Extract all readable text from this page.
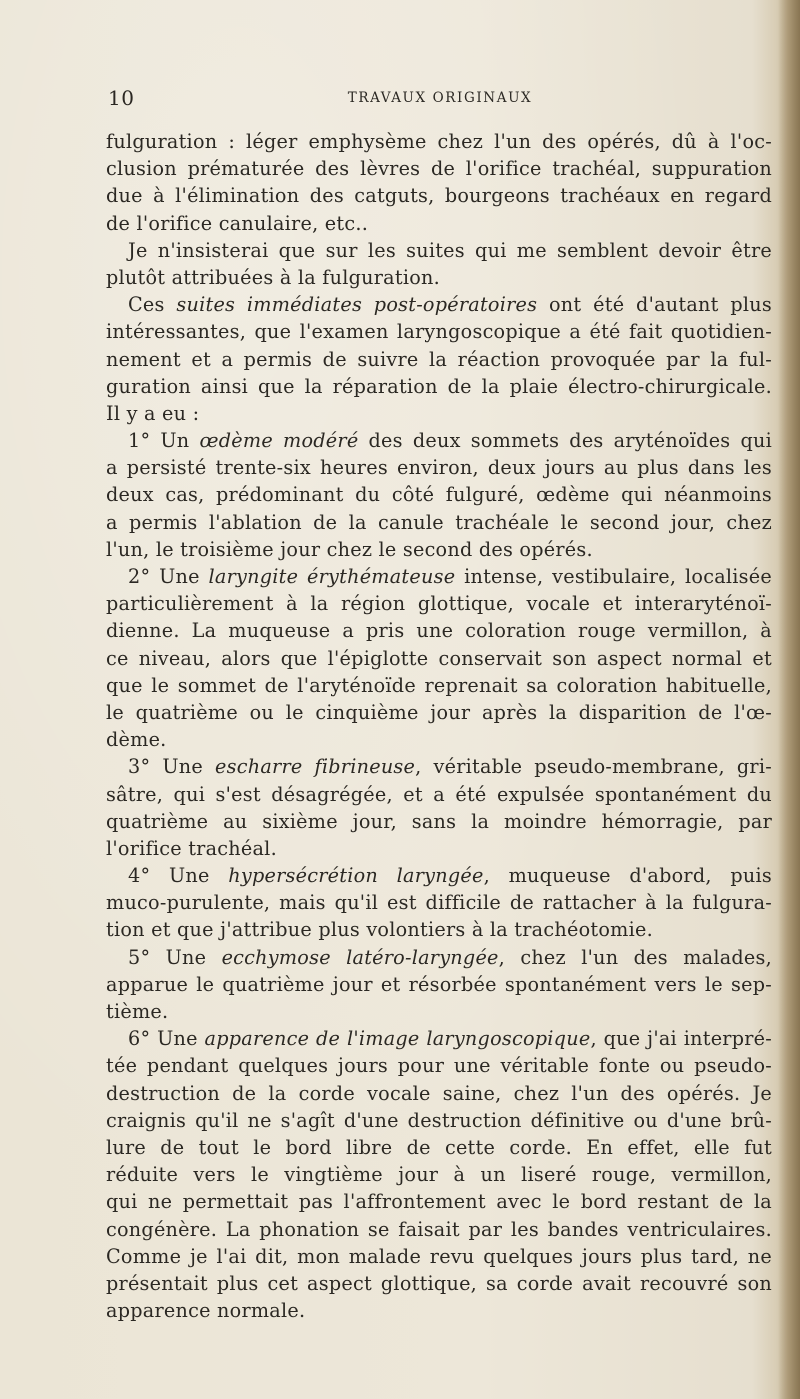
10	TRAVAUX ORIGINAUX
fulguration : léger emphysème chez l'un des opérés, dû à l'oc-
clusion prématurée des lèvres de l'orifice trachéal, suppuration
due à l'élimination des catguts, bourgeons trachéaux en regard
de l'orifice canulaire, etc..
Je n'insisterai que sur les suites qui me semblent devoir être
plutôt attribuées à la fulguration.
Ces suites immédiates post-opératoires ont été d'autant plus
intéressantes, que l'examen laryngoscopique a été fait quotidien-
nement et a permis de suivre la réaction provoquée par la ful-
guration ainsi que la réparation de la plaie électro-chirurgicale.
Il y a eu :
1° Un œdème modéré des deux sommets des aryténoïdes qui
a persisté trente-six heures environ, deux jours au plus dans les
deux cas, prédominant du côté fulguré, œdème qui néanmoins
a permis l'ablation de la canule trachéale le second jour, chez
l'un, le troisième jour chez le second des opérés.
2° Une laryngite érythémateuse intense, vestibulaire, localisée
particulièrement à la région glottique, vocale et interaryténoï-
dienne. La muqueuse a pris une coloration rouge vermillon, à
ce niveau, alors que l'épiglotte conservait son aspect normal et
que le sommet de l'aryténoïde reprenait sa coloration habituelle,
le quatrième ou le cinquième jour après la disparition de l'œ-
dème.
3° Une escharre fibrineuse, véritable pseudo-membrane, gri-
sâtre, qui s'est désagrégée, et a été expulsée spontanément du
quatrième au sixième jour, sans la moindre hémorragie, par
l'orifice trachéal.
4° Une hypersécrétion laryngée, muqueuse d'abord, puis
muco-purulente, mais qu'il est difficile de rattacher à la fulgura-
tion et que j'attribue plus volontiers à la trachéotomie.
5° Une ecchymose latéro-laryngée, chez l'un des malades,
apparue le quatrième jour et résorbée spontanément vers le sep-
tième.
6° Une apparence de l'image laryngoscopique, que j'ai interpré-
tée pendant quelques jours pour une véritable fonte ou pseudo-
destruction de la corde vocale saine, chez l'un des opérés. Je
craignis qu'il ne s'agît d'une destruction définitive ou d'une brû-
lure de tout le bord libre de cette corde. En effet, elle fut
réduite vers le vingtième jour à un liseré rouge, vermillon,
qui ne permettait pas l'affrontement avec le bord restant de la
congénère. La phonation se faisait par les bandes ventriculaires.
Comme je l'ai dit, mon malade revu quelques jours plus tard, ne
présentait plus cet aspect glottique, sa corde avait recouvré son
apparence normale.
